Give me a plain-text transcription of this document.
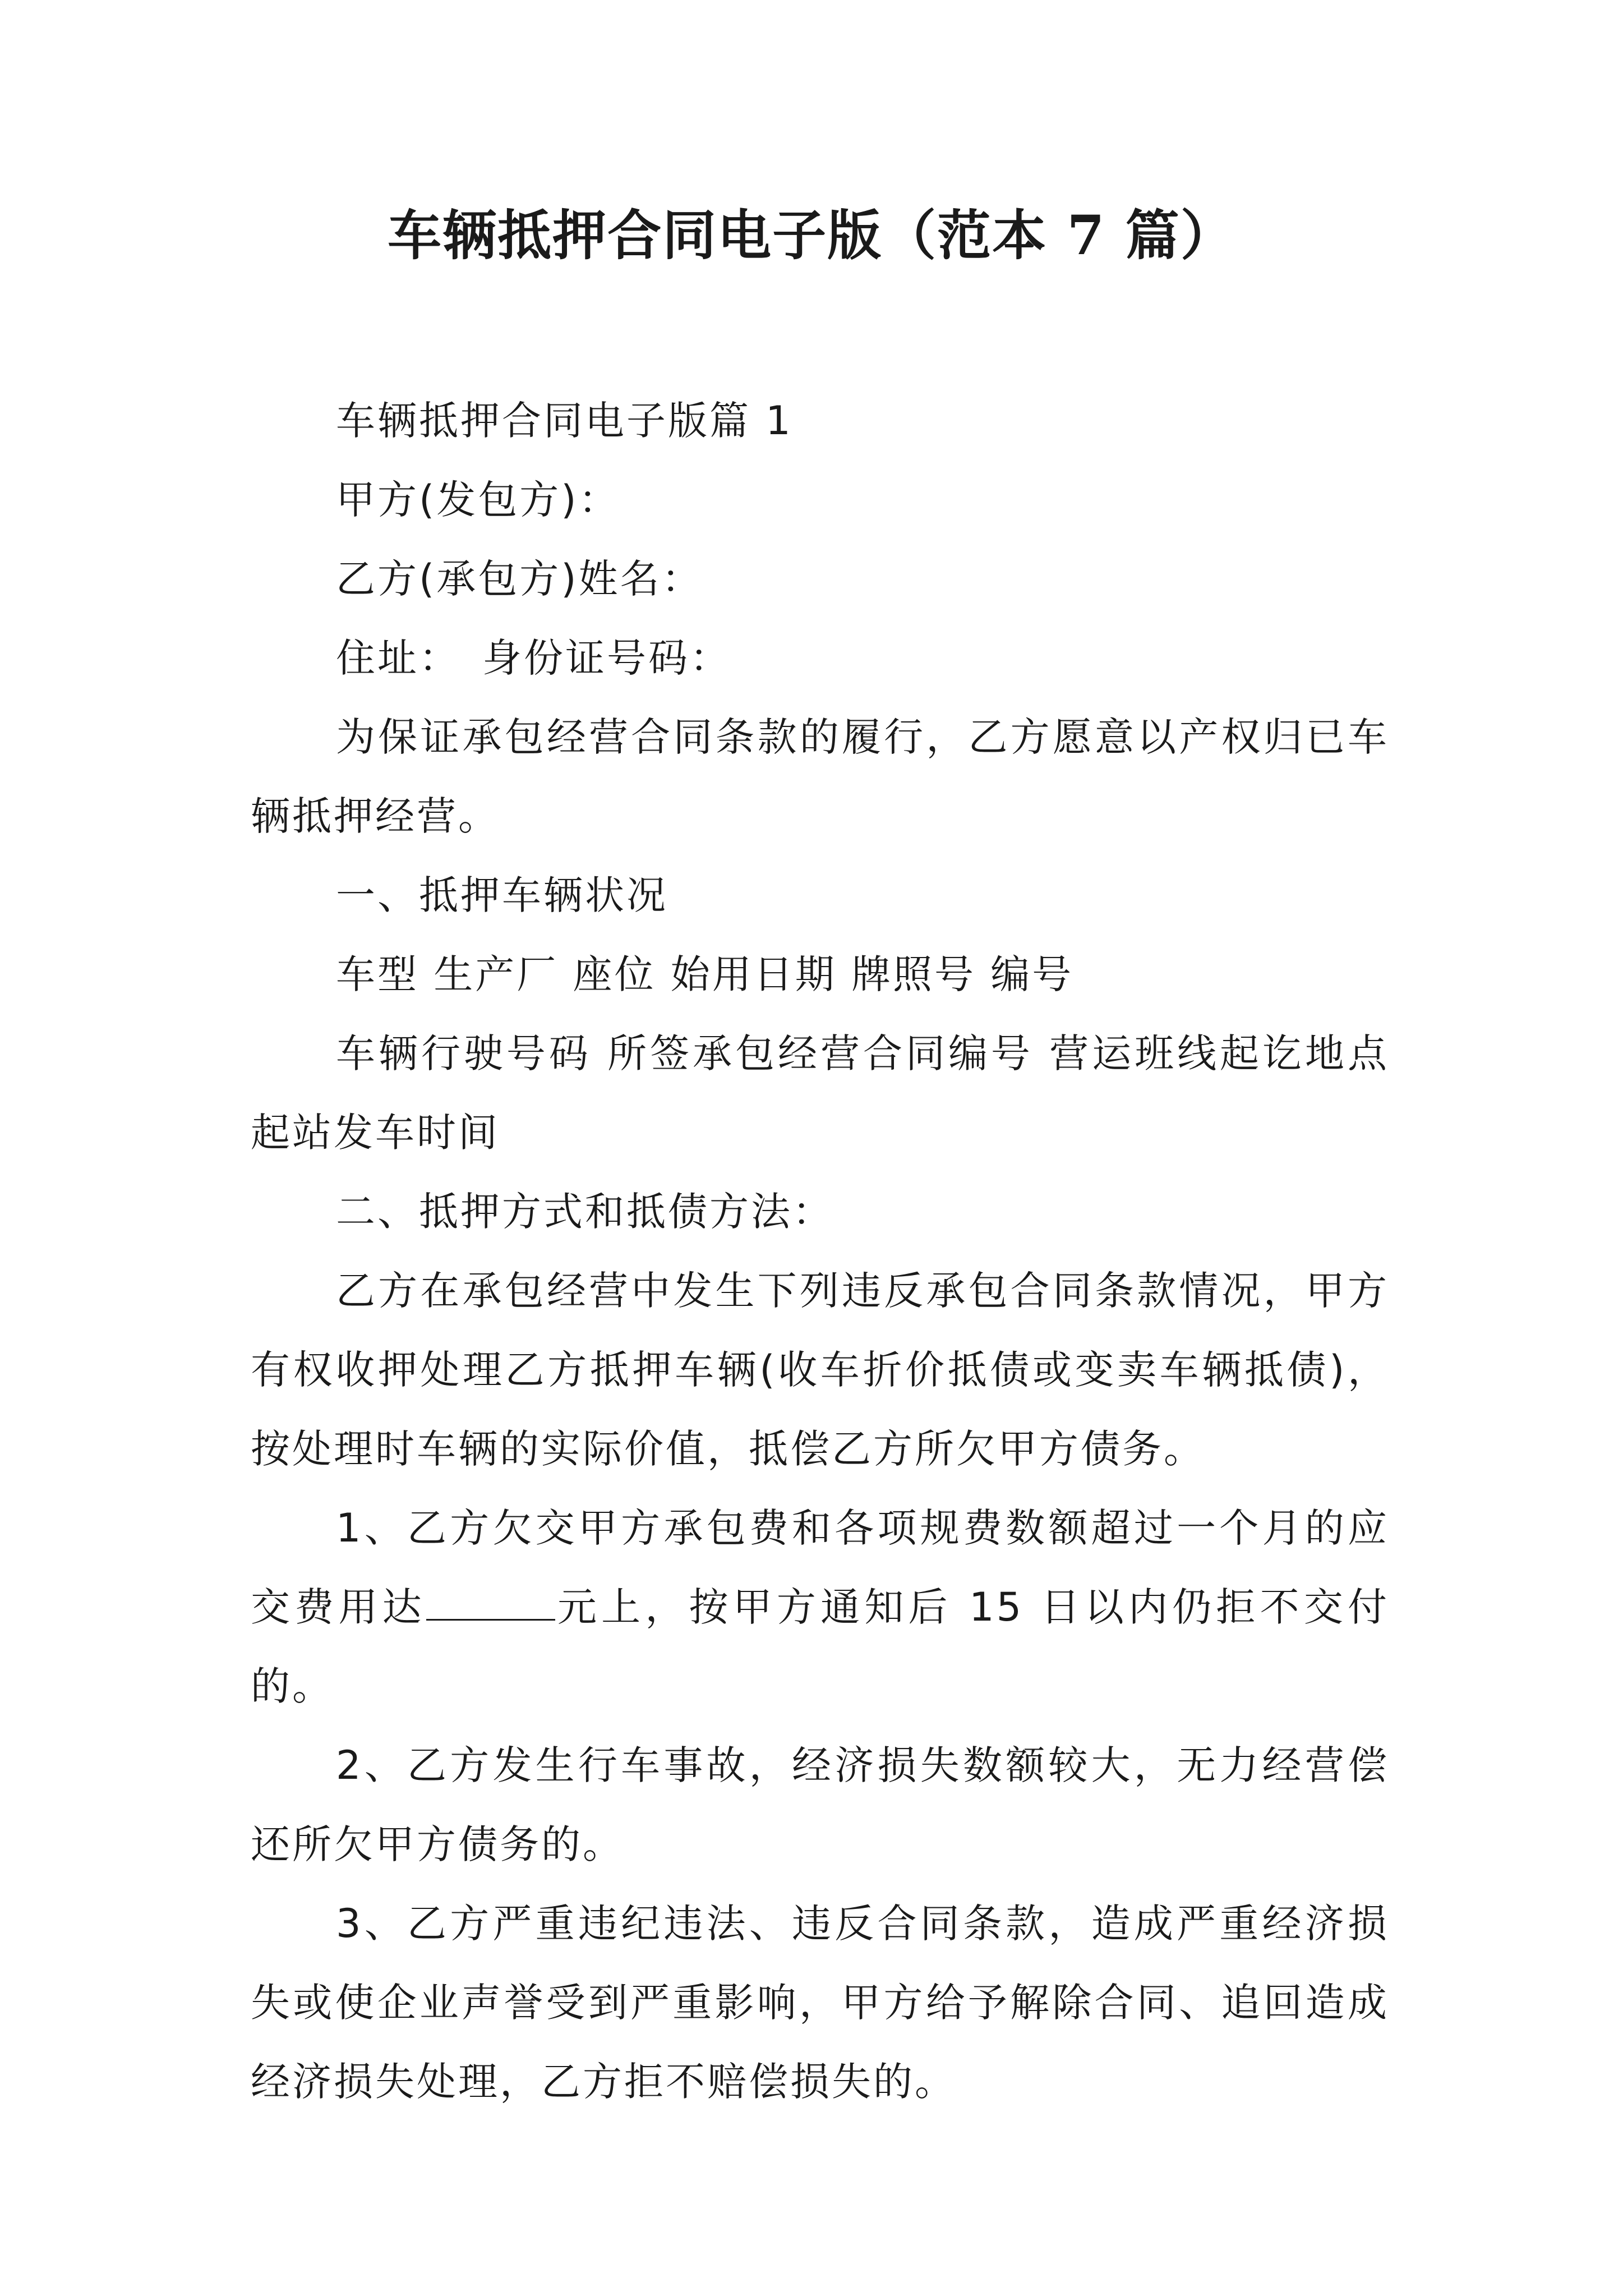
车辆抵押合同电子版（范本 7 篇）

车辆抵押合同电子版篇 1

甲方(发包方)：

乙方(承包方)姓名：

住址：　身份证号码：

为保证承包经营合同条款的履行，乙方愿意以产权归已车辆抵押经营。

一、抵押车辆状况

车型 生产厂 座位 始用日期 牌照号 编号

车辆行驶号码 所签承包经营合同编号 营运班线起讫地点 起站发车时间

二、抵押方式和抵债方法：

乙方在承包经营中发生下列违反承包合同条款情况，甲方有权收押处理乙方抵押车辆(收车折价抵债或变卖车辆抵债)，按处理时车辆的实际价值，抵偿乙方所欠甲方债务。

1、乙方欠交甲方承包费和各项规费数额超过一个月的应交费用达	元上，按甲方通知后 15 日以内仍拒不交付的。

2、乙方发生行车事故，经济损失数额较大，无力经营偿还所欠甲方债务的。

3、乙方严重违纪违法、违反合同条款，造成严重经济损失或使企业声誉受到严重影响，甲方给予解除合同、追回造成经济损失处理，乙方拒不赔偿损失的。
